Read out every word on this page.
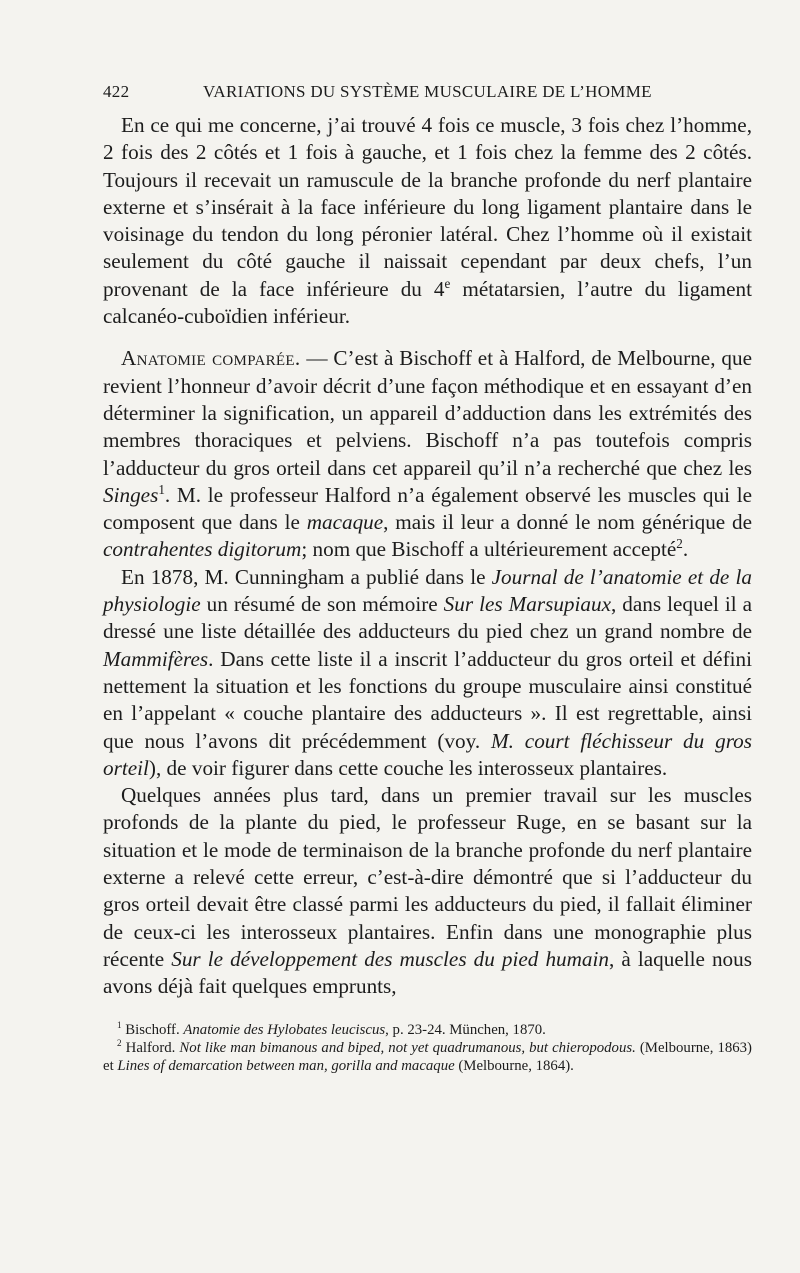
422	VARIATIONS DU SYSTÈME MUSCULAIRE DE L’HOMME

En ce qui me concerne, j’ai trouvé 4 fois ce muscle, 3 fois chez l’homme, 2 fois des 2 côtés et 1 fois à gauche, et 1 fois chez la femme des 2 côtés. Toujours il recevait un ramuscule de la branche profonde du nerf plantaire externe et s’insérait à la face inférieure du long ligament plantaire dans le voisinage du tendon du long péronier latéral. Chez l’homme où il existait seulement du côté gauche il naissait cependant par deux chefs, l’un provenant de la face inférieure du 4e métatarsien, l’autre du ligament calcanéo-cuboïdien inférieur.

Anatomie comparée. — C’est à Bischoff et à Halford, de Melbourne, que revient l’honneur d’avoir décrit d’une façon méthodique et en essayant d’en déterminer la signification, un appareil d’adduction dans les extrémités des membres thoraciques et pelviens. Bischoff n’a pas toutefois compris l’adducteur du gros orteil dans cet appareil qu’il n’a recherché que chez les Singes$^1$. M. le professeur Halford n’a également observé les muscles qui le composent que dans le macaque, mais il leur a donné le nom générique de contrahentes digitorum; nom que Bischoff a ultérieurement accepté$^2$.

En 1878, M. Cunningham a publié dans le Journal de l’anatomie et de la physiologie un résumé de son mémoire Sur les Marsupiaux, dans lequel il a dressé une liste détaillée des adducteurs du pied chez un grand nombre de Mammifères. Dans cette liste il a inscrit l’adducteur du gros orteil et défini nettement la situation et les fonctions du groupe musculaire ainsi constitué en l’appelant « couche plantaire des adducteurs ». Il est regrettable, ainsi que nous l’avons dit précédemment (voy. M. court fléchisseur du gros orteil), de voir figurer dans cette couche les interosseux plantaires.

Quelques années plus tard, dans un premier travail sur les muscles profonds de la plante du pied, le professeur Ruge, en se basant sur la situation et le mode de terminaison de la branche profonde du nerf plantaire externe a relevé cette erreur, c’est-à-dire démontré que si l’adducteur du gros orteil devait être classé parmi les adducteurs du pied, il fallait éliminer de ceux-ci les interosseux plantaires. Enfin dans une monographie plus récente Sur le développement des muscles du pied humain, à laquelle nous avons déjà fait quelques emprunts,

$^1$ Bischoff. Anatomie des Hylobates leuciscus, p. 23-24. München, 1870.

$^2$ Halford. Not like man bimanous and biped, not yet quadrumanous, but chieropodous. (Melbourne, 1863) et Lines of demarcation between man, gorilla and macaque (Melbourne, 1864).
